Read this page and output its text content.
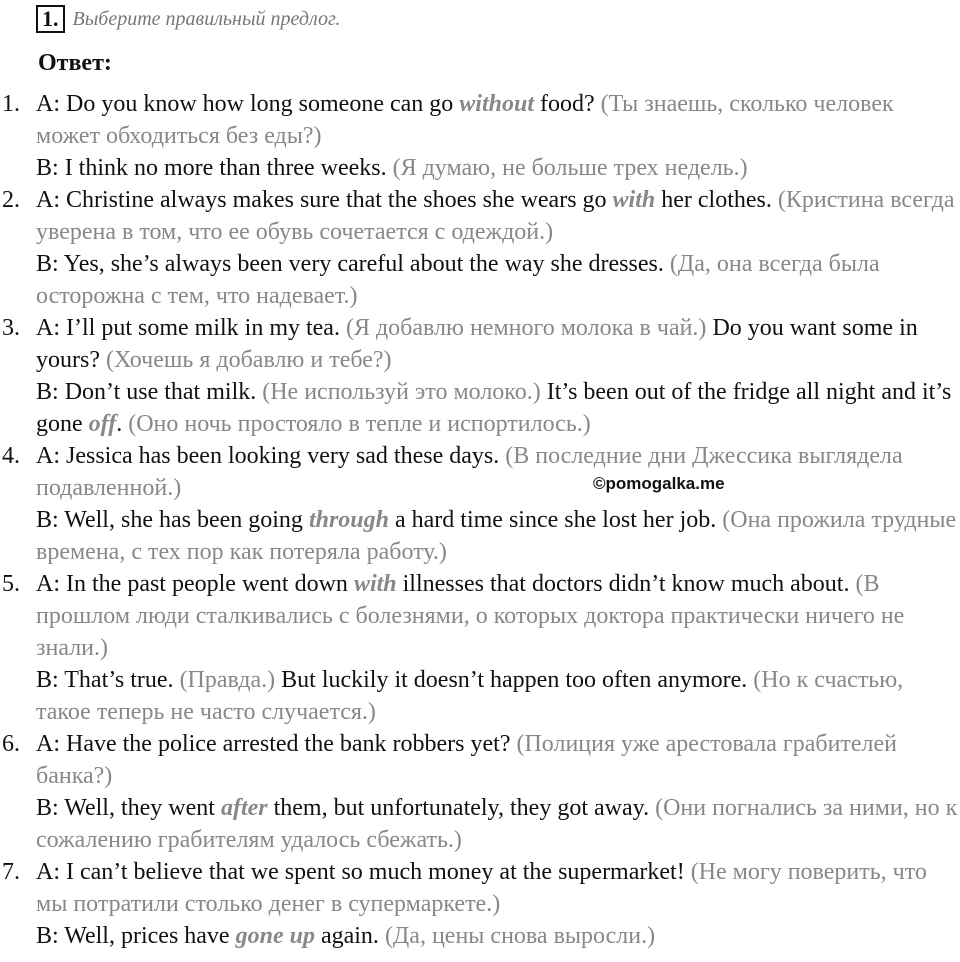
1. Выберите правильный предлог.
Ответ:
1. A: Do you know how long someone can go without food? (Ты знаешь, сколько человек может обходиться без еды?)
B: I think no more than three weeks. (Я думаю, не больше трех недель.)
2. A: Christine always makes sure that the shoes she wears go with her clothes. (Кристина всегда уверена в том, что ее обувь сочетается с одеждой.)
B: Yes, she’s always been very careful about the way she dresses. (Да, она всегда была осторожна с тем, что надевает.)
3. A: I’ll put some milk in my tea. (Я добавлю немного молока в чай.) Do you want some in yours? (Хочешь я добавлю и тебе?)
B: Don’t use that milk. (Не используй это молоко.) It’s been out of the fridge all night and it’s gone off. (Оно ночь простояло в тепле и испортилось.)
4. A: Jessica has been looking very sad these days. (В последние дни Джессика выглядела подавленной.)
B: Well, she has been going through a hard time since she lost her job. (Она прожила трудные времена, с тех пор как потеряла работу.)
5. A: In the past people went down with illnesses that doctors didn’t know much about. (В прошлом люди сталкивались с болезнями, о которых доктора практически ничего не знали.)
B: That’s true. (Правда.) But luckily it doesn’t happen too often anymore. (Но к счастью, такое теперь не часто случается.)
6. A: Have the police arrested the bank robbers yet? (Полиция уже арестовала грабителей банка?)
B: Well, they went after them, but unfortunately, they got away. (Они погнались за ними, но к сожалению грабителям удалось сбежать.)
7. A: I can’t believe that we spent so much money at the supermarket! (Не могу поверить, что мы потратили столько денег в супермаркете.)
B: Well, prices have gone up again. (Да, цены снова выросли.)
©pomogalka.me
